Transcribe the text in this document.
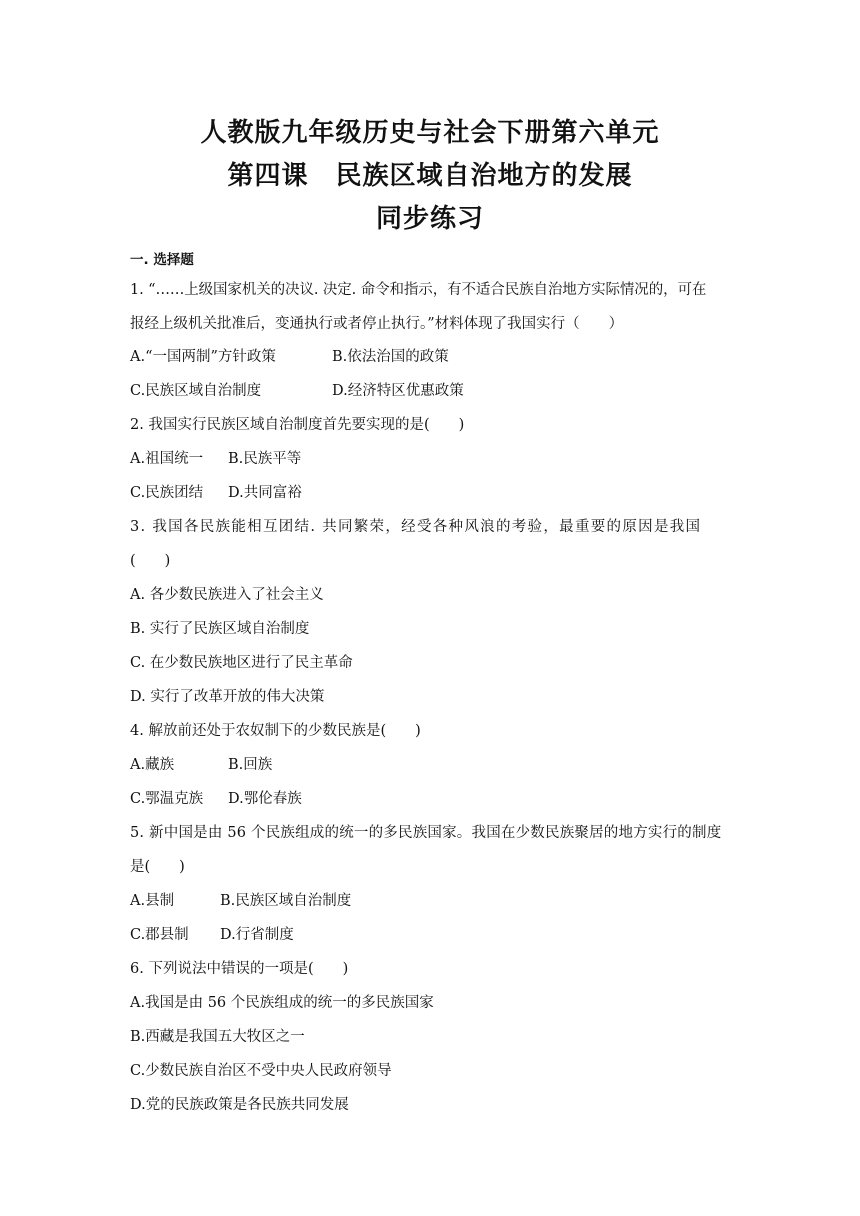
人教版九年级历史与社会下册第六单元
第四课　民族区域自治地方的发展
同步练习
一. 选择题
1. “……上级国家机关的决议. 决定. 命令和指示，有不适合民族自治地方实际情况的，可在
报经上级机关批准后，变通执行或者停止执行。”材料体现了我国实行（　　）
A.“一国两制”方针政策	B.依法治国的政策
C.民族区域自治制度	D.经济特区优惠政策
2. 我国实行民族区域自治制度首先要实现的是(　　)
A.祖国统一 B.民族平等
C.民族团结 D.共同富裕
3. 我国各民族能相互团结. 共同繁荣，经受各种风浪的考验，最重要的原因是我国
(　　)
A. 各少数民族进入了社会主义
B. 实行了民族区域自治制度
C. 在少数民族地区进行了民主革命
D. 实行了改革开放的伟大决策
4. 解放前还处于农奴制下的少数民族是(　　)
A.藏族	B.回族
C.鄂温克族 D.鄂伦春族
5. 新中国是由 56 个民族组成的统一的多民族国家。我国在少数民族聚居的地方实行的制度
是(　　)
A.县制	B.民族区域自治制度
C.郡县制 D.行省制度
6. 下列说法中错误的一项是(　　)
A.我国是由 56 个民族组成的统一的多民族国家
B.西藏是我国五大牧区之一
C.少数民族自治区不受中央人民政府领导
D.党的民族政策是各民族共同发展
